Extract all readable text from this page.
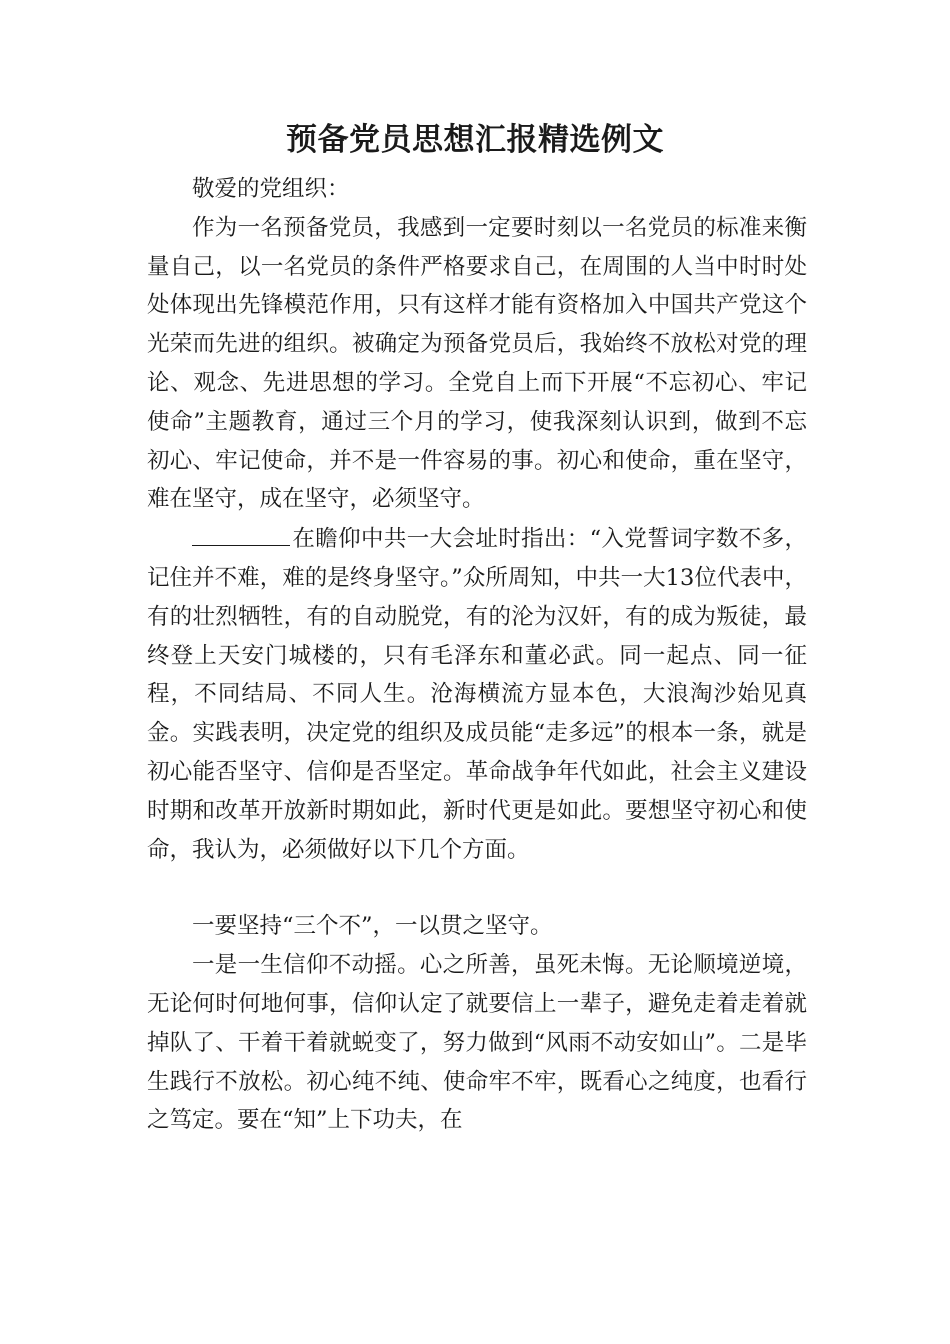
预备党员思想汇报精选例文

敬爱的党组织：

作为一名预备党员，我感到一定要时刻以一名党员的标准来衡量自己，以一名党员的条件严格要求自己，在周围的人当中时时处处体现出先锋模范作用，只有这样才能有资格加入中国共产党这个光荣而先进的组织。被确定为预备党员后，我始终不放松对党的理论、观念、先进思想的学习。全党自上而下开展“不忘初心、牢记使命”主题教育，通过三个月的学习，使我深刻认识到，做到不忘初心、牢记使命，并不是一件容易的事。初心和使命，重在坚守，难在坚守，成在坚守，必须坚守。

在瞻仰中共一大会址时指出：“入党誓词字数不多，记住并不难，难的是终身坚守。”众所周知，中共一大13位代表中，有的壮烈牺牲，有的自动脱党，有的沦为汉奸，有的成为叛徒，最终登上天安门城楼的，只有毛泽东和董必武。同一起点、同一征程，不同结局、不同人生。沧海横流方显本色，大浪淘沙始见真金。实践表明，决定党的组织及成员能“走多远”的根本一条，就是初心能否坚守、信仰是否坚定。革命战争年代如此，社会主义建设时期和改革开放新时期如此，新时代更是如此。要想坚守初心和使命，我认为，必须做好以下几个方面。

一要坚持“三个不”，一以贯之坚守。

一是一生信仰不动摇。心之所善，虽死未悔。无论顺境逆境，无论何时何地何事，信仰认定了就要信上一辈子，避免走着走着就掉队了、干着干着就蜕变了，努力做到“风雨不动安如山”。二是毕生践行不放松。初心纯不纯、使命牢不牢，既看心之纯度，也看行之笃定。要在“知”上下功夫，在
